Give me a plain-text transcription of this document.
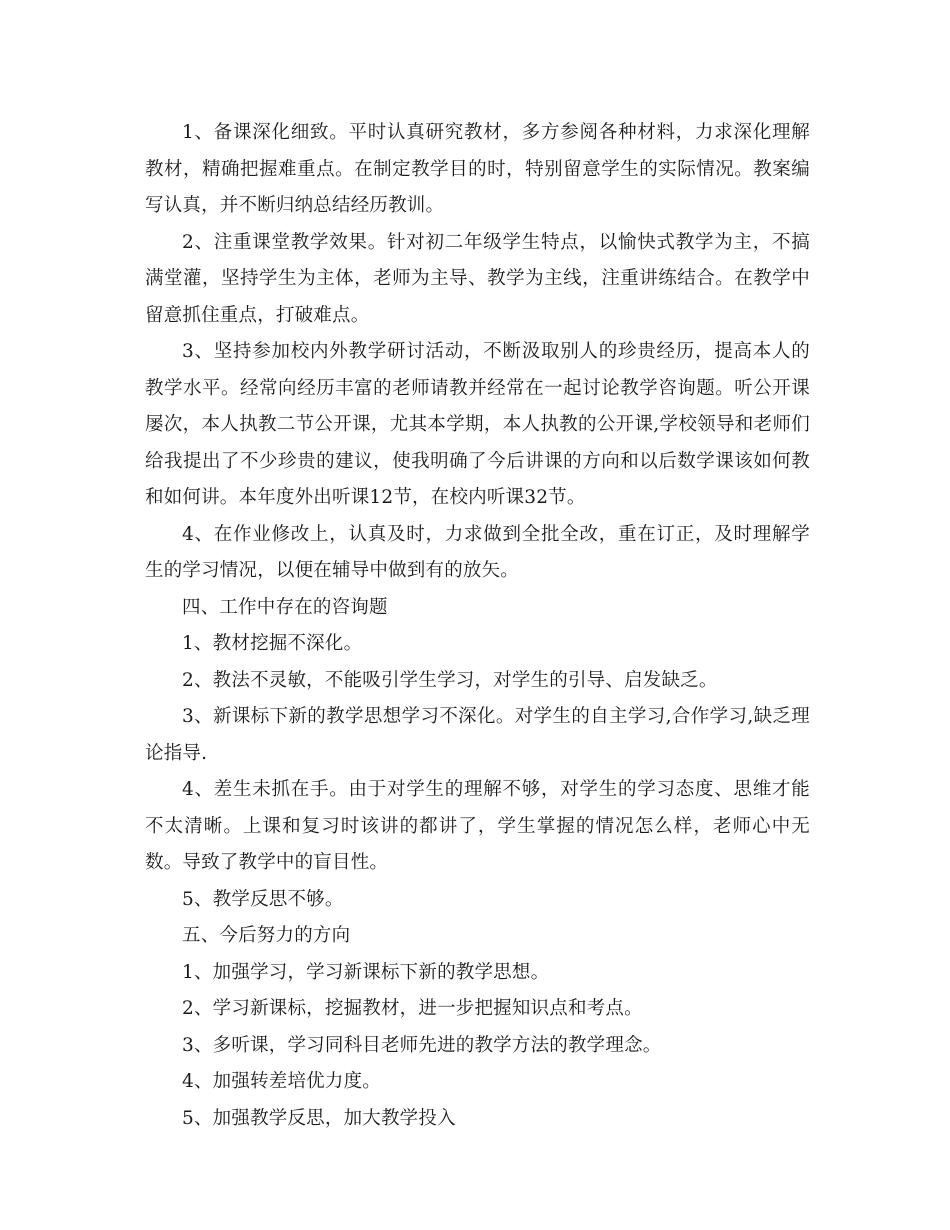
1、备课深化细致。平时认真研究教材，多方参阅各种材料，力求深化理解教材，精确把握难重点。在制定教学目的时，特别留意学生的实际情况。教案编写认真，并不断归纳总结经历教训。

2、注重课堂教学效果。针对初二年级学生特点，以愉快式教学为主，不搞满堂灌，坚持学生为主体，老师为主导、教学为主线，注重讲练结合。在教学中留意抓住重点，打破难点。

3、坚持参加校内外教学研讨活动，不断汲取别人的珍贵经历，提高本人的教学水平。经常向经历丰富的老师请教并经常在一起讨论教学咨询题。听公开课屡次，本人执教二节公开课，尤其本学期，本人执教的公开课,学校领导和老师们给我提出了不少珍贵的建议，使我明确了今后讲课的方向和以后数学课该如何教和如何讲。本年度外出听课12节，在校内听课32节。

4、在作业修改上，认真及时，力求做到全批全改，重在订正，及时理解学生的学习情况，以便在辅导中做到有的放矢。

四、工作中存在的咨询题

1、教材挖掘不深化。

2、教法不灵敏，不能吸引学生学习，对学生的引导、启发缺乏。

3、新课标下新的教学思想学习不深化。对学生的自主学习,合作学习,缺乏理论指导.

4、差生未抓在手。由于对学生的理解不够，对学生的学习态度、思维才能不太清晰。上课和复习时该讲的都讲了，学生掌握的情况怎么样，老师心中无数。导致了教学中的盲目性。

5、教学反思不够。

五、今后努力的方向

1、加强学习，学习新课标下新的教学思想。

2、学习新课标，挖掘教材，进一步把握知识点和考点。

3、多听课，学习同科目老师先进的教学方法的教学理念。

4、加强转差培优力度。

5、加强教学反思，加大教学投入
